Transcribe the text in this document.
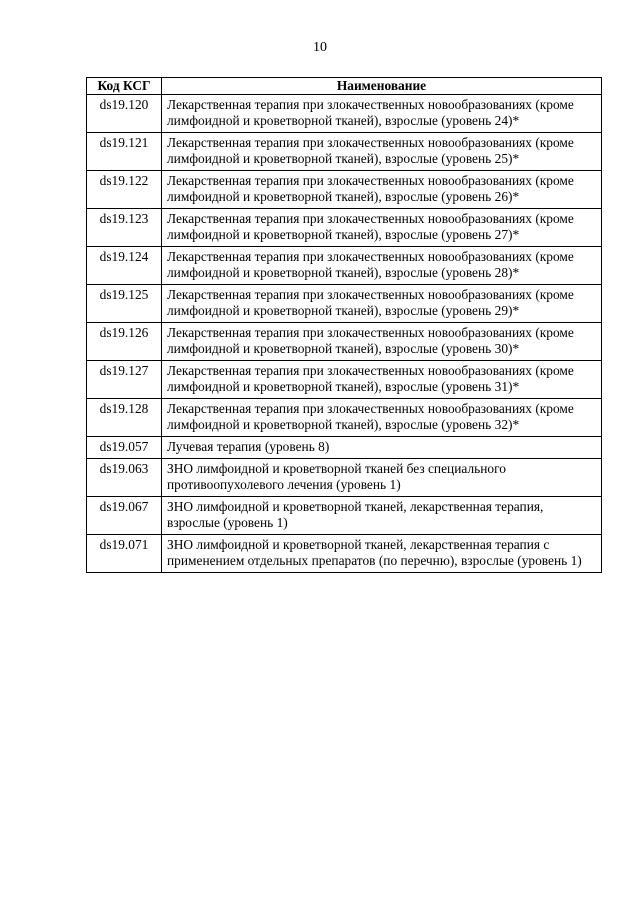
10
Код КСГ	Наименование
ds19.120	Лекарственная терапия при злокачественных новообразованиях (кроме лимфоидной и кроветворной тканей), взрослые (уровень 24)*
ds19.121	Лекарственная терапия при злокачественных новообразованиях (кроме лимфоидной и кроветворной тканей), взрослые (уровень 25)*
ds19.122	Лекарственная терапия при злокачественных новообразованиях (кроме лимфоидной и кроветворной тканей), взрослые (уровень 26)*
ds19.123	Лекарственная терапия при злокачественных новообразованиях (кроме лимфоидной и кроветворной тканей), взрослые (уровень 27)*
ds19.124	Лекарственная терапия при злокачественных новообразованиях (кроме лимфоидной и кроветворной тканей), взрослые (уровень 28)*
ds19.125	Лекарственная терапия при злокачественных новообразованиях (кроме лимфоидной и кроветворной тканей), взрослые (уровень 29)*
ds19.126	Лекарственная терапия при злокачественных новообразованиях (кроме лимфоидной и кроветворной тканей), взрослые (уровень 30)*
ds19.127	Лекарственная терапия при злокачественных новообразованиях (кроме лимфоидной и кроветворной тканей), взрослые (уровень 31)*
ds19.128	Лекарственная терапия при злокачественных новообразованиях (кроме лимфоидной и кроветворной тканей), взрослые (уровень 32)*
ds19.057	Лучевая терапия (уровень 8)
ds19.063	ЗНО лимфоидной и кроветворной тканей без специального противоопухолевого лечения (уровень 1)
ds19.067	ЗНО лимфоидной и кроветворной тканей, лекарственная терапия, взрослые (уровень 1)
ds19.071	ЗНО лимфоидной и кроветворной тканей, лекарственная терапия с применением отдельных препаратов (по перечню), взрослые (уровень 1)
